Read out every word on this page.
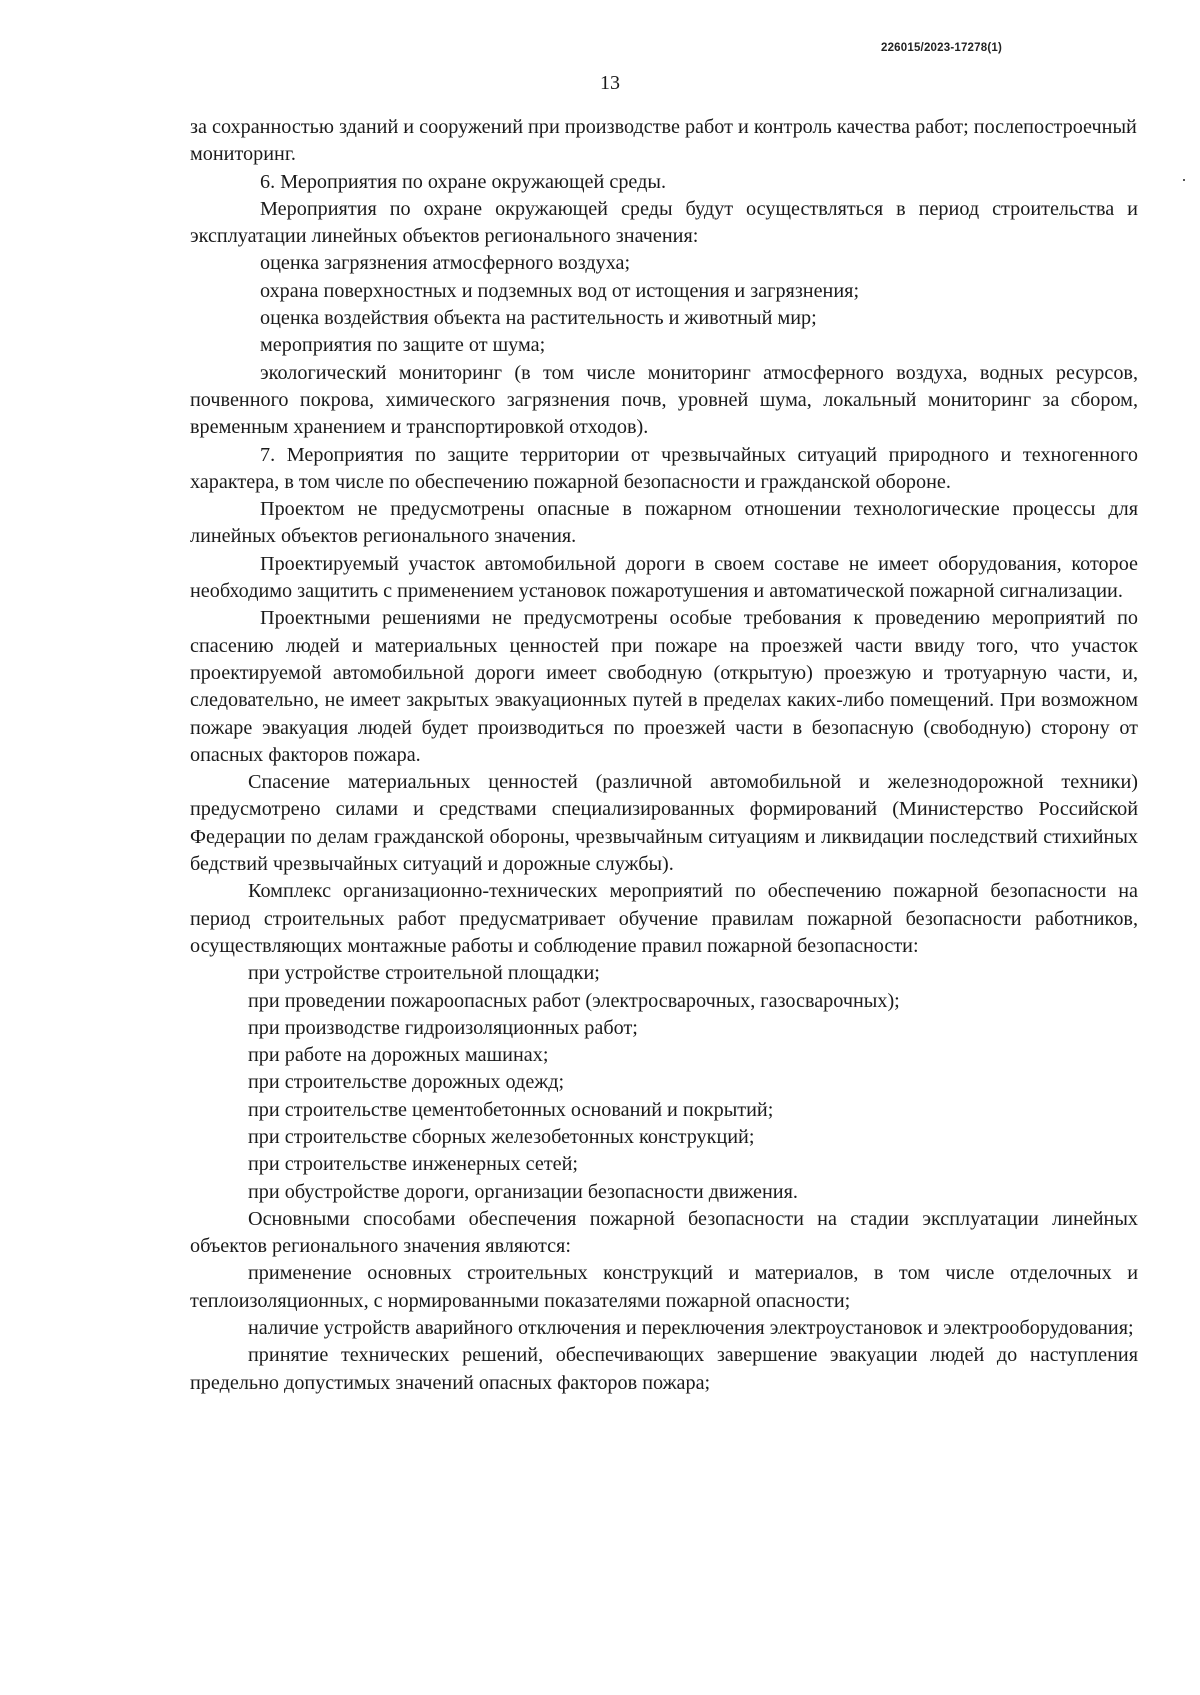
226015/2023-17278(1)
13

за сохранностью зданий и сооружений при производстве работ и контроль качества работ; послепостроечный мониторинг.

6. Мероприятия по охране окружающей среды.

Мероприятия по охране окружающей среды будут осуществляться в период строительства и эксплуатации линейных объектов регионального значения:

оценка загрязнения атмосферного воздуха;

охрана поверхностных и подземных вод от истощения и загрязнения;

оценка воздействия объекта на растительность и животный мир;

мероприятия по защите от шума;

экологический мониторинг (в том числе мониторинг атмосферного воздуха, водных ресурсов, почвенного покрова, химического загрязнения почв, уровней шума, локальный мониторинг за сбором, временным хранением и транспортировкой отходов).

7. Мероприятия по защите территории от чрезвычайных ситуаций природного и техногенного характера, в том числе по обеспечению пожарной безопасности и гражданской обороне.

Проектом не предусмотрены опасные в пожарном отношении технологические процессы для линейных объектов регионального значения.

Проектируемый участок автомобильной дороги в своем составе не имеет оборудования, которое необходимо защитить с применением установок пожаротушения и автоматической пожарной сигнализации.

Проектными решениями не предусмотрены особые требования к проведению мероприятий по спасению людей и материальных ценностей при пожаре на проезжей части ввиду того, что участок проектируемой автомобильной дороги имеет свободную (открытую) проезжую и тротуарную части, и, следовательно, не имеет закрытых эвакуационных путей в пределах каких-либо помещений. При возможном пожаре эвакуация людей будет производиться по проезжей части в безопасную (свободную) сторону от опасных факторов пожара.

Спасение материальных ценностей (различной автомобильной и железнодорожной техники) предусмотрено силами и средствами специализированных формирований (Министерство Российской Федерации по делам гражданской обороны, чрезвычайным ситуациям и ликвидации последствий стихийных бедствий чрезвычайных ситуаций и дорожные службы).

Комплекс организационно-технических мероприятий по обеспечению пожарной безопасности на период строительных работ предусматривает обучение правилам пожарной безопасности работников, осуществляющих монтажные работы и соблюдение правил пожарной безопасности:

при устройстве строительной площадки;

при проведении пожароопасных работ (электросварочных, газосварочных);

при производстве гидроизоляционных работ;

при работе на дорожных машинах;

при строительстве дорожных одежд;

при строительстве цементобетонных оснований и покрытий;

при строительстве сборных железобетонных конструкций;

при строительстве инженерных сетей;

при обустройстве дороги, организации безопасности движения.

Основными способами обеспечения пожарной безопасности на стадии эксплуатации линейных объектов регионального значения являются:

применение основных строительных конструкций и материалов, в том числе отделочных и теплоизоляционных, с нормированными показателями пожарной опасности;

наличие устройств аварийного отключения и переключения электроустановок и электрооборудования;

принятие технических решений, обеспечивающих завершение эвакуации людей до наступления предельно допустимых значений опасных факторов пожара;
